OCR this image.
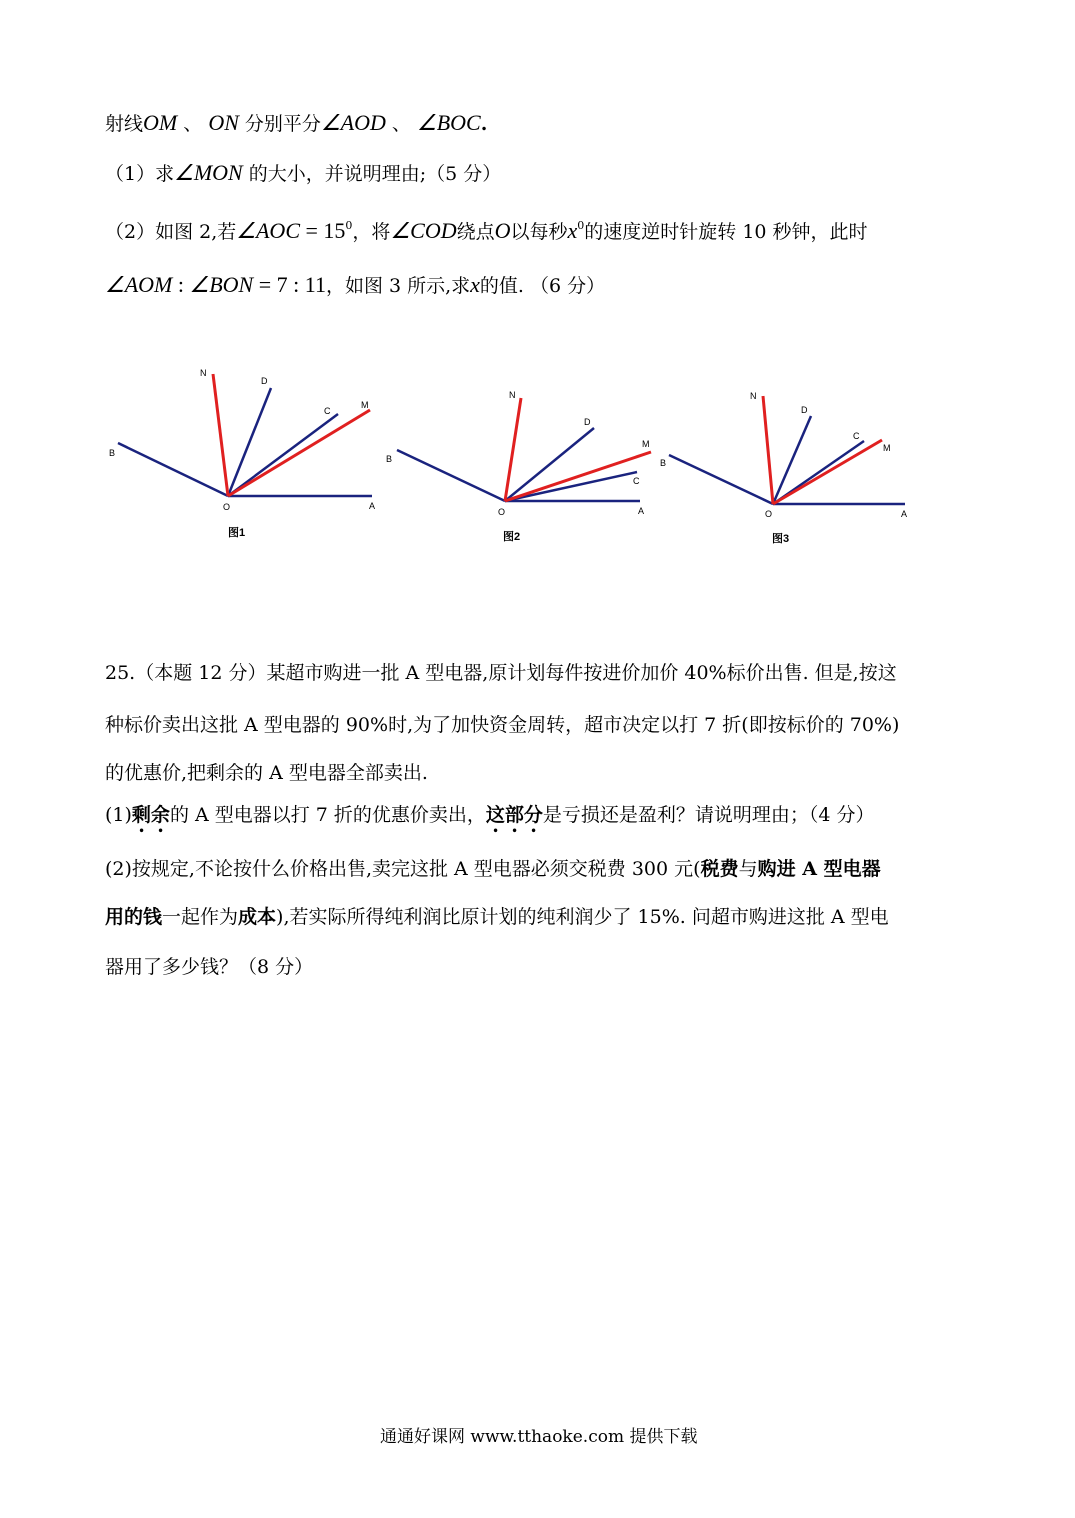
射线OM 、 ON 分别平分∠AOD 、 ∠BOC.
（1）求∠MON 的大小，并说明理由;（5 分）
（2）如图 2,若∠AOC = $15^0$，将∠COD绕点O以每秒$x^0$的速度逆时针旋转 10 秒钟，此时
∠AOM : ∠BON = 7 : 11，如图 3 所示,求x的值. （6 分）
N
D
C
M
B
O	A
图1
N
D
M
C
B
O	A
图2
N
D
C
M
B
O	A
图3
25.（本题 12 分）某超市购进一批 A 型电器,原计划每件按进价加价 40%标价出售. 但是,按这
种标价卖出这批 A 型电器的 90%时,为了加快资金周转，超市决定以打 7 折(即按标价的 70%)
的优惠价,把剩余的 A 型电器全部卖出.
(1)剩余的 A 型电器以打 7 折的优惠价卖出，这部分是亏损还是盈利？请说明理由；（4 分）
(2)按规定,不论按什么价格出售,卖完这批 A 型电器必须交税费 300 元(税费与购进 A 型电器
用的钱一起作为成本),若实际所得纯利润比原计划的纯利润少了 15%. 问超市购进这批 A 型电
器用了多少钱？（8 分）
通通好课网 www.tthaoke.com 提供下载
